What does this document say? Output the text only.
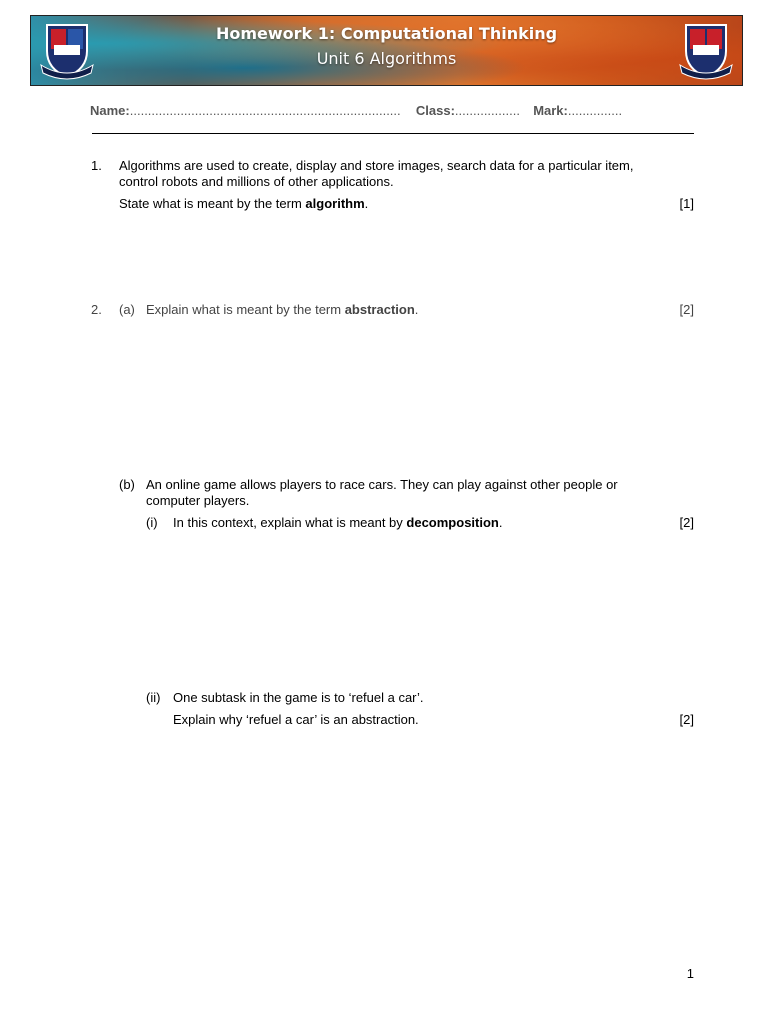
Homework 1: Computational Thinking
Unit 6 Algorithms
Name:........................................................................... Class:.................. Mark:...............
1. Algorithms are used to create, display and store images, search data for a particular item,
control robots and millions of other applications.
State what is meant by the term algorithm.	[1]
2. (a) Explain what is meant by the term abstraction.	[2]
(b) An online game allows players to race cars. They can play against other people or
computer players.
(i) In this context, explain what is meant by decomposition.	[2]
(ii) One subtask in the game is to ‘refuel a car’.
Explain why ‘refuel a car’ is an abstraction.	[2]
1
